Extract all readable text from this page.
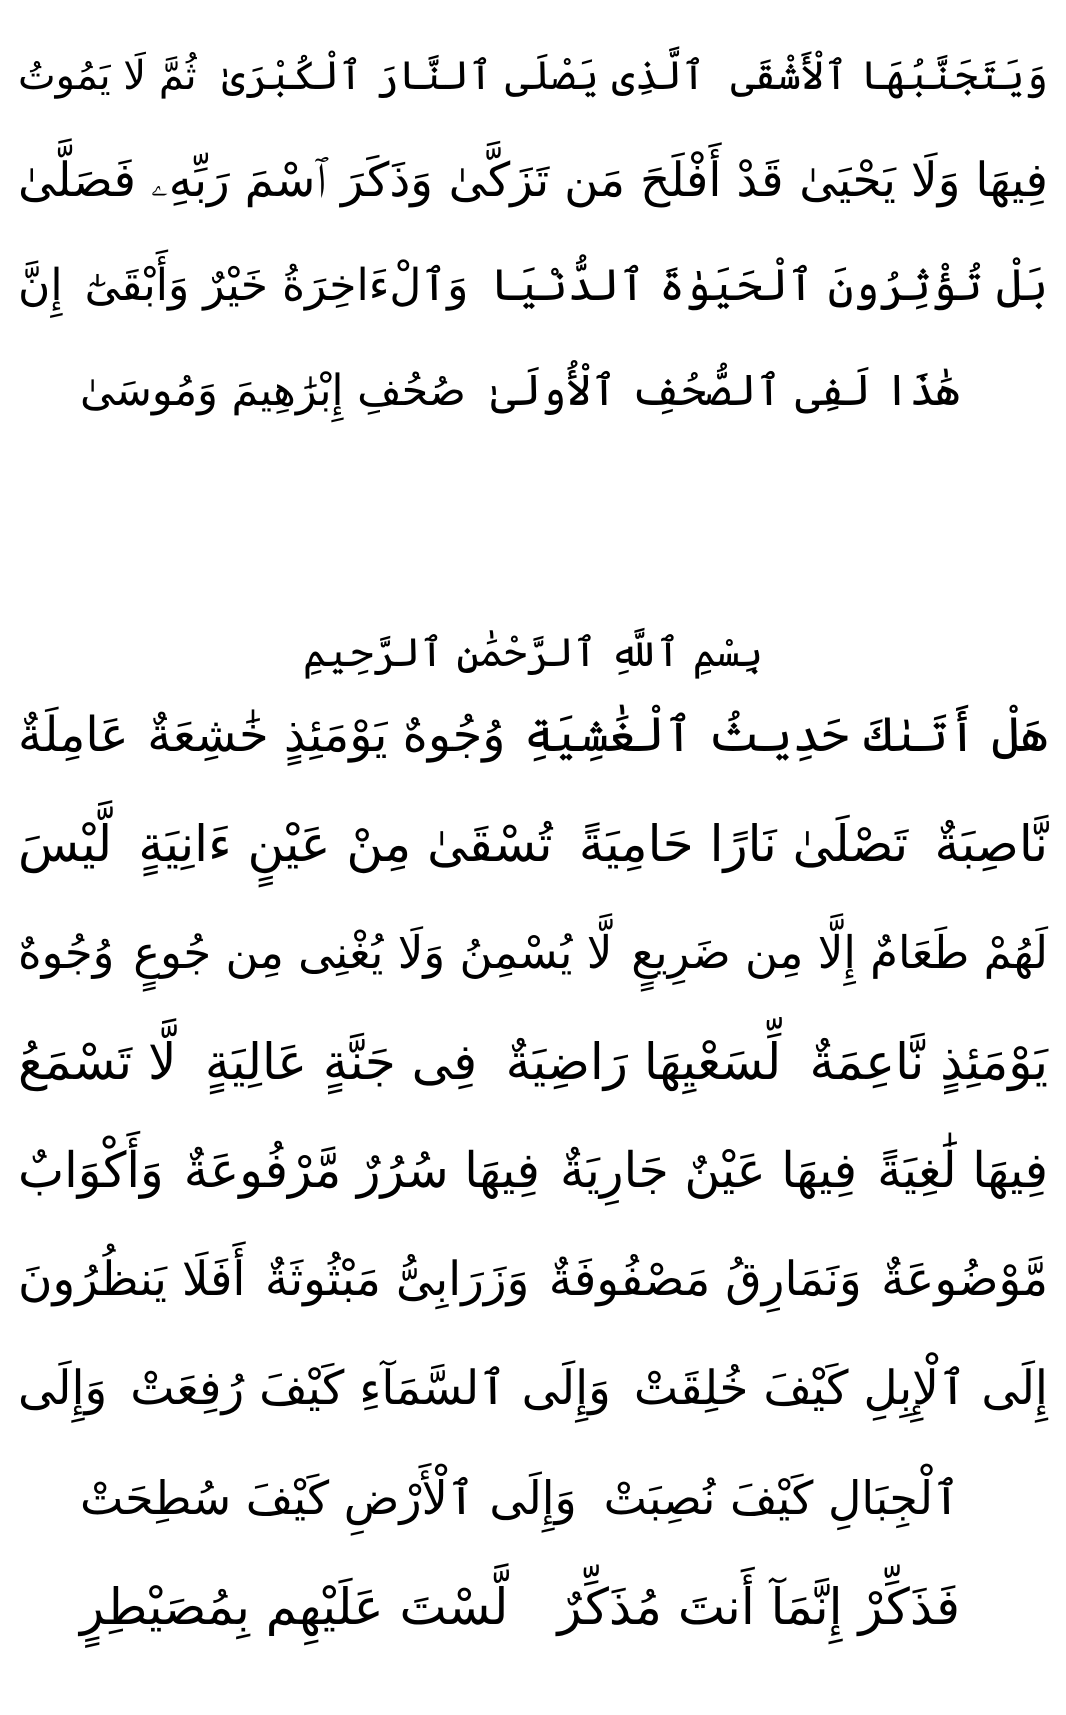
وَيَتَجَنَّبُهَا ٱلْأَشْقَى
ٱلَّذِى يَصْلَى ٱلنَّارَ ٱلْكُبْرَىٰ
ثُمَّ لَا يَمُوتُ
فِيهَا وَلَا يَحْيَىٰ
قَدْ أَفْلَحَ مَن تَزَكَّىٰ
وَذَكَرَ ٱسْمَ رَبِّهِۦ فَصَلَّىٰ
بَلْ تُؤْثِرُونَ ٱلْحَيَوٰةَ ٱلدُّنْيَا
وَٱلْءَاخِرَةُ خَيْرٌ وَأَبْقَىٰٓ
إِنَّ
هَٰذَا لَفِى ٱلصُّحُفِ ٱلْأُولَىٰ
صُحُفِ إِبْرَٰهِيمَ وَمُوسَىٰ
بِسْمِ ٱللَّهِ ٱلرَّحْمَٰنِ ٱلرَّحِيمِ
هَلْ أَتَىٰكَ حَدِيثُ ٱلْغَٰشِيَةِ
وُجُوهٌ يَوْمَئِذٍ خَٰشِعَةٌ
عَامِلَةٌ
نَّاصِبَةٌ
تَصْلَىٰ نَارًا حَامِيَةً
تُسْقَىٰ مِنْ عَيْنٍ ءَانِيَةٍ
لَّيْسَ
لَهُمْ طَعَامٌ إِلَّا مِن ضَرِيعٍ
لَّا يُسْمِنُ وَلَا يُغْنِى مِن جُوعٍ
وُجُوهٌ
يَوْمَئِذٍ نَّاعِمَةٌ
لِّسَعْيِهَا رَاضِيَةٌ
فِى جَنَّةٍ عَالِيَةٍ
لَّا تَسْمَعُ
فِيهَا لَٰغِيَةً
فِيهَا عَيْنٌ جَارِيَةٌ
فِيهَا سُرُرٌ مَّرْفُوعَةٌ
وَأَكْوَابٌ
مَّوْضُوعَةٌ
وَنَمَارِقُ مَصْفُوفَةٌ
وَزَرَابِىُّ مَبْثُوثَةٌ
أَفَلَا يَنظُرُونَ
إِلَى ٱلْإِبِلِ كَيْفَ خُلِقَتْ
وَإِلَى ٱلسَّمَآءِ كَيْفَ رُفِعَتْ
وَإِلَى
ٱلْجِبَالِ كَيْفَ نُصِبَتْ
وَإِلَى ٱلْأَرْضِ كَيْفَ سُطِحَتْ
فَذَكِّرْ إِنَّمَآ أَنتَ مُذَكِّرٌ
لَّسْتَ عَلَيْهِم بِمُصَيْطِرٍ
